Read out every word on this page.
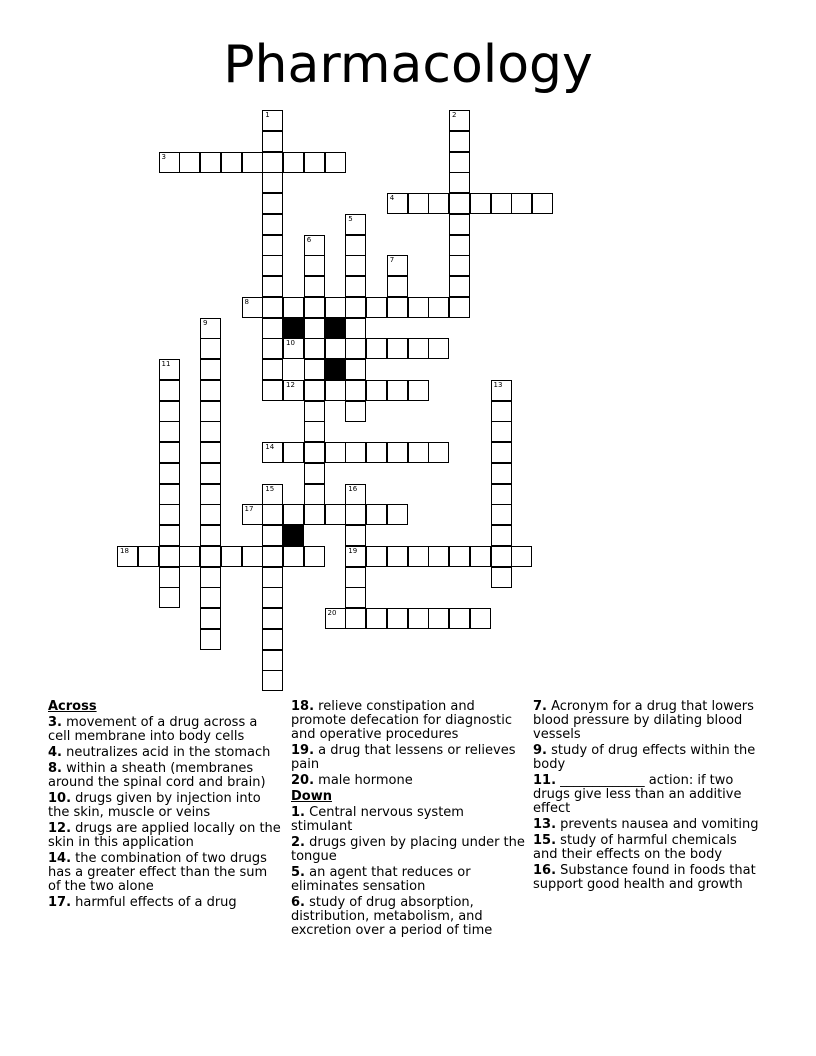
Pharmacology
1	2
3
4
5
6
7
8
9
10
11
12	13
14
15	16
19
17
18
20
Across
3. movement of a drug across a cell membrane into body cells
4. neutralizes acid in the stomach
8. within a sheath (membranes around the spinal cord and brain)
10. drugs given by injection into the skin, muscle or veins
12. drugs are applied locally on the skin in this application
14. the combination of two drugs has a greater effect than the sum of the two alone
17. harmful effects of a drug
18. relieve constipation and promote defecation for diagnostic and operative procedures
19. a drug that lessens or relieves pain
20. male hormone
Down
1. Central nervous system stimulant
2. drugs given by placing under the tongue
5. an agent that reduces or eliminates sensation
6. study of drug absorption, distribution, metabolism, and excretion over a period of time
7. Acronym for a drug that lowers blood pressure by dilating blood vessels
9. study of drug effects within the body
11. _____________ action: if two drugs give less than an additive effect
13. prevents nausea and vomiting
15. study of harmful chemicals and their effects on the body
16. Substance found in foods that support good health and growth
